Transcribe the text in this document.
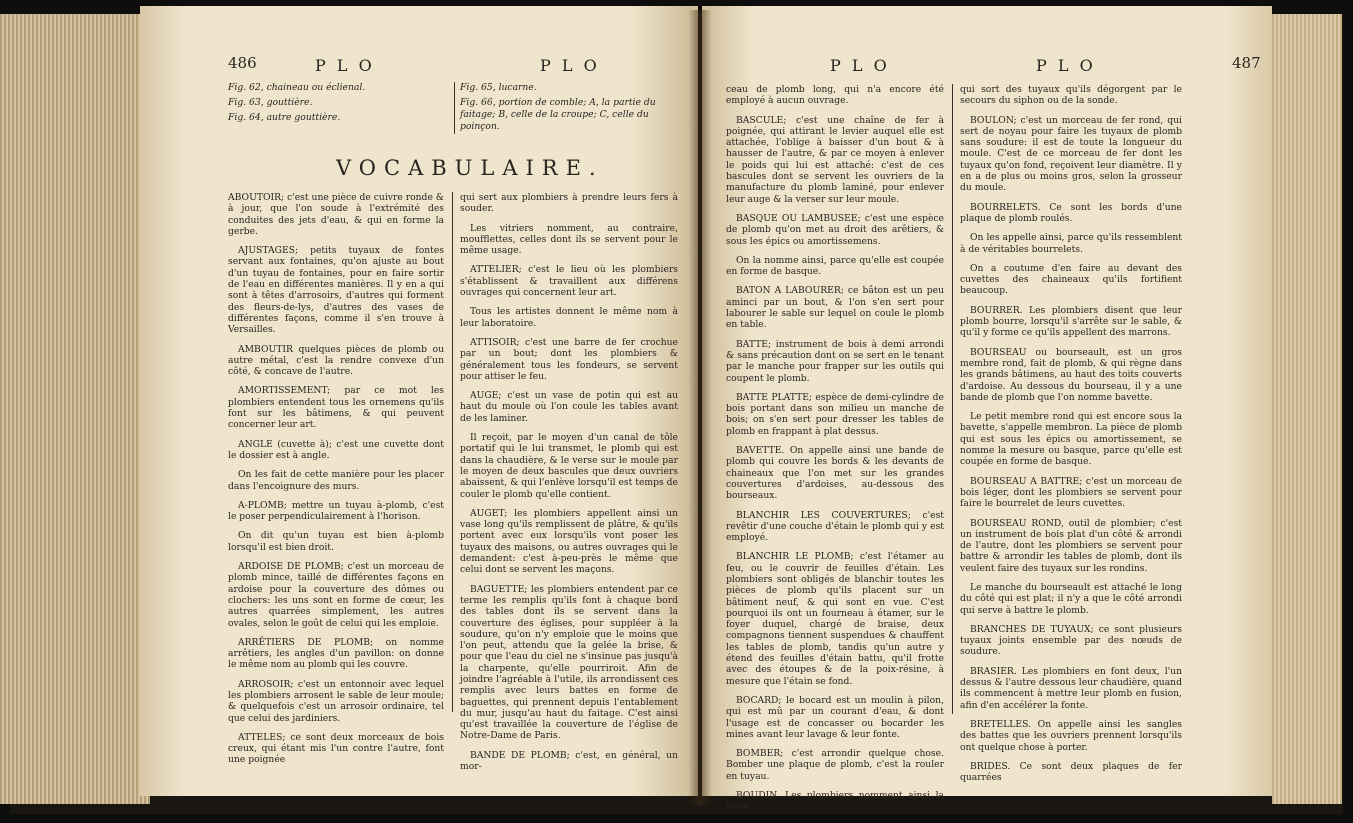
486	P L O	P L O
Fig. 62, chaineau ou éclienal.
Fig. 63, gouttière.
Fig. 64, autre gouttière.
Fig. 65, lucarne.
Fig. 66, portion de comble; A, la partie du faitage; B, celle de la croupe; C, celle du poinçon.
VOCABULAIRE.

ABOUTOIR; c'est une pièce de cuivre ronde & à jour, que l'on soude à l'extrémité des conduites des jets d'eau, & qui en forme la gerbe.

AJUSTAGES; petits tuyaux de fontes servant aux fontaines, qu'on ajuste au bout d'un tuyau de fontaines, pour en faire sortir de l'eau en différentes manières. Il y en a qui sont à têtes d'arrosoirs, d'autres qui forment des fleurs-de-lys, d'autres des vases de différentes façons, comme il s'en trouve à Versailles.

AMBOUTIR quelques pièces de plomb ou autre métal, c'est la rendre convexe d'un côté, & concave de l'autre.

AMORTISSEMENT; par ce mot les plombiers entendent tous les ornemens qu'ils font sur les bâtimens, & qui peuvent concerner leur art.

ANGLE (cuvette à); c'est une cuvette dont le dossier est à angle.

On les fait de cette manière pour les placer dans l'encoignure des murs.

A-PLOMB; mettre un tuyau à-plomb, c'est le poser perpendiculairement à l'horison.

On dit qu'un tuyau est bien à-plomb lorsqu'il est bien droit.

ARDOISE DE PLOMB; c'est un morceau de plomb mince, taillé de différentes façons en ardoise pour la couverture des dômes ou clochers: les uns sont en forme de cœur, les autres quarrées simplement, les autres ovales, selon le goût de celui qui les emploie.

ARRÊTIERS DE PLOMB; on nomme arrêtiers, les angles d'un pavillon: on donne le même nom au plomb qui les couvre.

ARROSOIR; c'est un entonnoir avec lequel les plombiers arrosent le sable de leur moule; & quelquefois c'est un arrosoir ordinaire, tel que celui des jardiniers.

ATTELES; ce sont deux morceaux de bois creux, qui étant mis l'un contre l'autre, font une poignée

qui sert aux plombiers à prendre leurs fers à souder.

Les vitriers nomment, au contraire, moufflettes, celles dont ils se servent pour le même usage.

ATTELIER; c'est le lieu où les plombiers s'établissent & travaillent aux différens ouvrages qui concernent leur art.

Tous les artistes donnent le même nom à leur laboratoire.

ATTISOIR; c'est une barre de fer crochue par un bout; dont les plombiers & généralement tous les fondeurs, se servent pour attiser le feu.

AUGE; c'est un vase de potin qui est au haut du moule où l'on coule les tables avant de les laminer.

Il reçoit, par le moyen d'un canal de tôle portatif qui le lui transmet, le plomb qui est dans la chaudière, & le verse sur le moule par le moyen de deux bascules que deux ouvriers abaissent, & qui l'enlève lorsqu'il est temps de couler le plomb qu'elle contient.

AUGET; les plombiers appellent ainsi un vase long qu'ils remplissent de plâtre, & qu'ils portent avec eux lorsqu'ils vont poser les tuyaux des maisons, ou autres ouvrages qui le demandent: c'est à-peu-près le même que celui dont se servent les maçons.

BAGUETTE; les plombiers entendent par ce terme les remplis qu'ils font à chaque bord des tables dont ils se servent dans la couverture des églises, pour suppléer à la soudure, qu'on n'y emploie que le moins que l'on peut, attendu que la gelée la brise, & pour que l'eau du ciel ne s'insinue pas jusqu'à la charpente, qu'elle pourriroit. Afin de joindre l'agréable à l'utile, ils arrondissent ces remplis avec leurs battes en forme de baguettes, qui prennent depuis l'entablement du mur, jusqu'au haut du faitage. C'est ainsi qu'est travaillée la couverture de l'église de Notre-Dame de Paris.

BANDE DE PLOMB; c'est, en général, un mor-

P L O	P L O	487

ceau de plomb long, qui n'a encore été employé à aucun ouvrage.

BASCULE; c'est une chaîne de fer à poignée, qui attirant le levier auquel elle est attachée, l'oblige à baisser d'un bout & à hausser de l'autre, & par ce moyen à enlever le poids qui lui est attaché: c'est de ces bascules dont se servent les ouvriers de la manufacture du plomb laminé, pour enlever leur auge & la verser sur leur moule.

BASQUE OU LAMBUSEE; c'est une espèce de plomb qu'on met au droit des arêtiers, & sous les épics ou amortissemens.

On la nomme ainsi, parce qu'elle est coupée en forme de basque.

BATON A LABOURER; ce bâton est un peu aminci par un bout, & l'on s'en sert pour labourer le sable sur lequel on coule le plomb en table.

BATTE; instrument de bois à demi arrondi & sans précaution dont on se sert en le tenant par le manche pour frapper sur les outils qui coupent le plomb.

BATTE PLATTE; espèce de demi-cylindre de bois portant dans son milieu un manche de bois; on s'en sert pour dresser les tables de plomb en frappant à plat dessus.

BAVETTE. On appelle ainsi une bande de plomb qui couvre les bords & les devants de chaineaux que l'on met sur les grandes couvertures d'ardoises, au-dessous des bourseaux.

BLANCHIR LES COUVERTURES; c'est revêtir d'une couche d'étain le plomb qui y est employé.

BLANCHIR LE PLOMB; c'est l'étamer au feu, ou le couvrir de feuilles d'étain. Les plombiers sont obligés de blanchir toutes les pièces de plomb qu'ils placent sur un bâtiment neuf, & qui sont en vue. C'est pourquoi ils ont un fourneau à étamer, sur le foyer duquel, chargé de braise, deux compagnons tiennent suspendues & chauffent les tables de plomb, tandis qu'un autre y étend des feuilles d'étain battu, qu'il frotte avec des étoupes & de la poix-résine, à mesure que l'étain se fond.

BOCARD; le bocard est un moulin à pilon, qui est mû par un courant d'eau, & dont l'usage est de concasser ou bocarder les mines avant leur lavage & leur fonte.

BOMBER; c'est arrondir quelque chose. Bomber une plaque de plomb, c'est la rouler en tuyau.

BOUDIN. Les plombiers nomment ainsi la boue

qui sort des tuyaux qu'ils dégorgent par le secours du siphon ou de la sonde.

BOULON; c'est un morceau de fer rond, qui sert de noyau pour faire les tuyaux de plomb sans soudure: il est de toute la longueur du moule. C'est de ce morceau de fer dont les tuyaux qu'on fond, reçoivent leur diamètre. Il y en a de plus ou moins gros, selon la grosseur du moule.

BOURRELETS. Ce sont les bords d'une plaque de plomb roulés.

On les appelle ainsi, parce qu'ils ressemblent à de véritables bourrelets.

On a coutume d'en faire au devant des cuvettes des chaineaux qu'ils fortifient beaucoup.

BOURRER. Les plombiers disent que leur plomb bourre, lorsqu'il s'arrête sur le sable, & qu'il y forme ce qu'ils appellent des marrons.

BOURSEAU ou bourseault, est un gros membre rond, fait de plomb, & qui règne dans les grands bâtimens, au haut des toits couverts d'ardoise. Au dessous du bourseau, il y a une bande de plomb que l'on nomme bavette.

Le petit membre rond qui est encore sous la bavette, s'appelle membron. La pièce de plomb qui est sous les épics ou amortissement, se nomme la mesure ou basque, parce qu'elle est coupée en forme de basque.

BOURSEAU A BATTRE; c'est un morceau de bois léger, dont les plombiers se servent pour faire le bourrelet de leurs cuvettes.

BOURSEAU ROND, outil de plombier; c'est un instrument de bois plat d'un côté & arrondi de l'autre, dont les plombiers se servent pour battre & arrondir les tables de plomb, dont ils veulent faire des tuyaux sur les rondins.

Le manche du bourseault est attaché le long du côté qui est plat; il n'y a que le côté arrondi qui serve à battre le plomb.

BRANCHES DE TUYAUX; ce sont plusieurs tuyaux joints ensemble par des nœuds de soudure.

BRASIER. Les plombiers en font deux, l'un dessus & l'autre dessous leur chaudière, quand ils commencent à mettre leur plomb en fusion, afin d'en accélérer la fonte.

BRETELLES. On appelle ainsi les sangles des battes que les ouvriers prennent lorsqu'ils ont quelque chose à porter.

BRIDES. Ce sont deux plaques de fer quarrées
